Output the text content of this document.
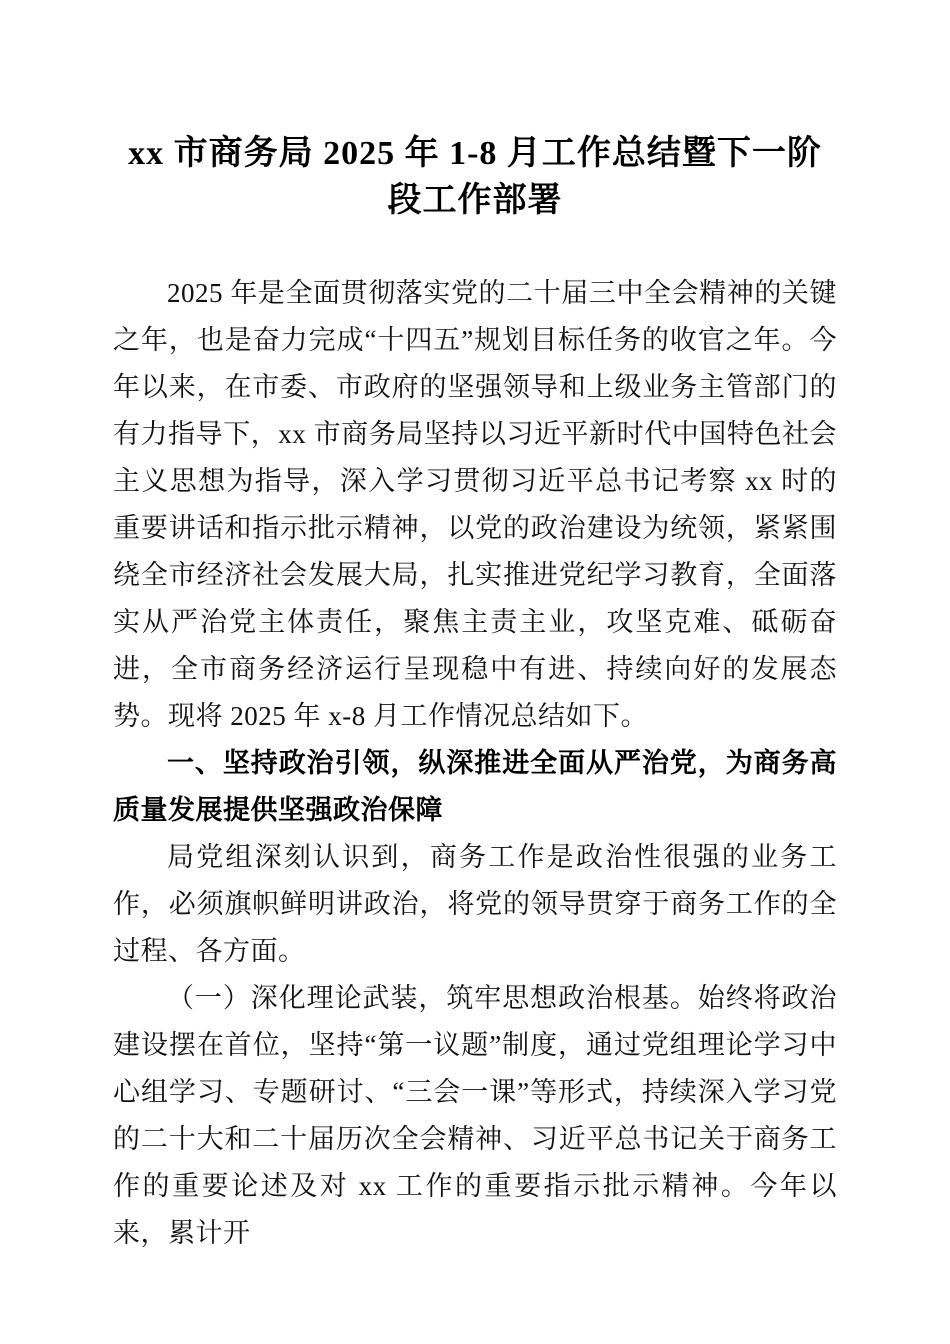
xx 市商务局 2025 年 1-8 月工作总结暨下一阶段工作部署

2025 年是全面贯彻落实党的二十届三中全会精神的关键之年，也是奋力完成“十四五”规划目标任务的收官之年。今年以来，在市委、市政府的坚强领导和上级业务主管部门的有力指导下，xx 市商务局坚持以习近平新时代中国特色社会主义思想为指导，深入学习贯彻习近平总书记考察 xx 时的重要讲话和指示批示精神，以党的政治建设为统领，紧紧围绕全市经济社会发展大局，扎实推进党纪学习教育，全面落实从严治党主体责任，聚焦主责主业，攻坚克难、砥砺奋进，全市商务经济运行呈现稳中有进、持续向好的发展态势。现将 2025 年 x-8 月工作情况总结如下。

一、坚持政治引领，纵深推进全面从严治党，为商务高质量发展提供坚强政治保障

局党组深刻认识到，商务工作是政治性很强的业务工作，必须旗帜鲜明讲政治，将党的领导贯穿于商务工作的全过程、各方面。

（一）深化理论武装，筑牢思想政治根基。始终将政治建设摆在首位，坚持“第一议题”制度，通过党组理论学习中心组学习、专题研讨、“三会一课”等形式，持续深入学习党的二十大和二十届历次全会精神、习近平总书记关于商务工作的重要论述及对 xx 工作的重要指示批示精神。今年以来，累计开
